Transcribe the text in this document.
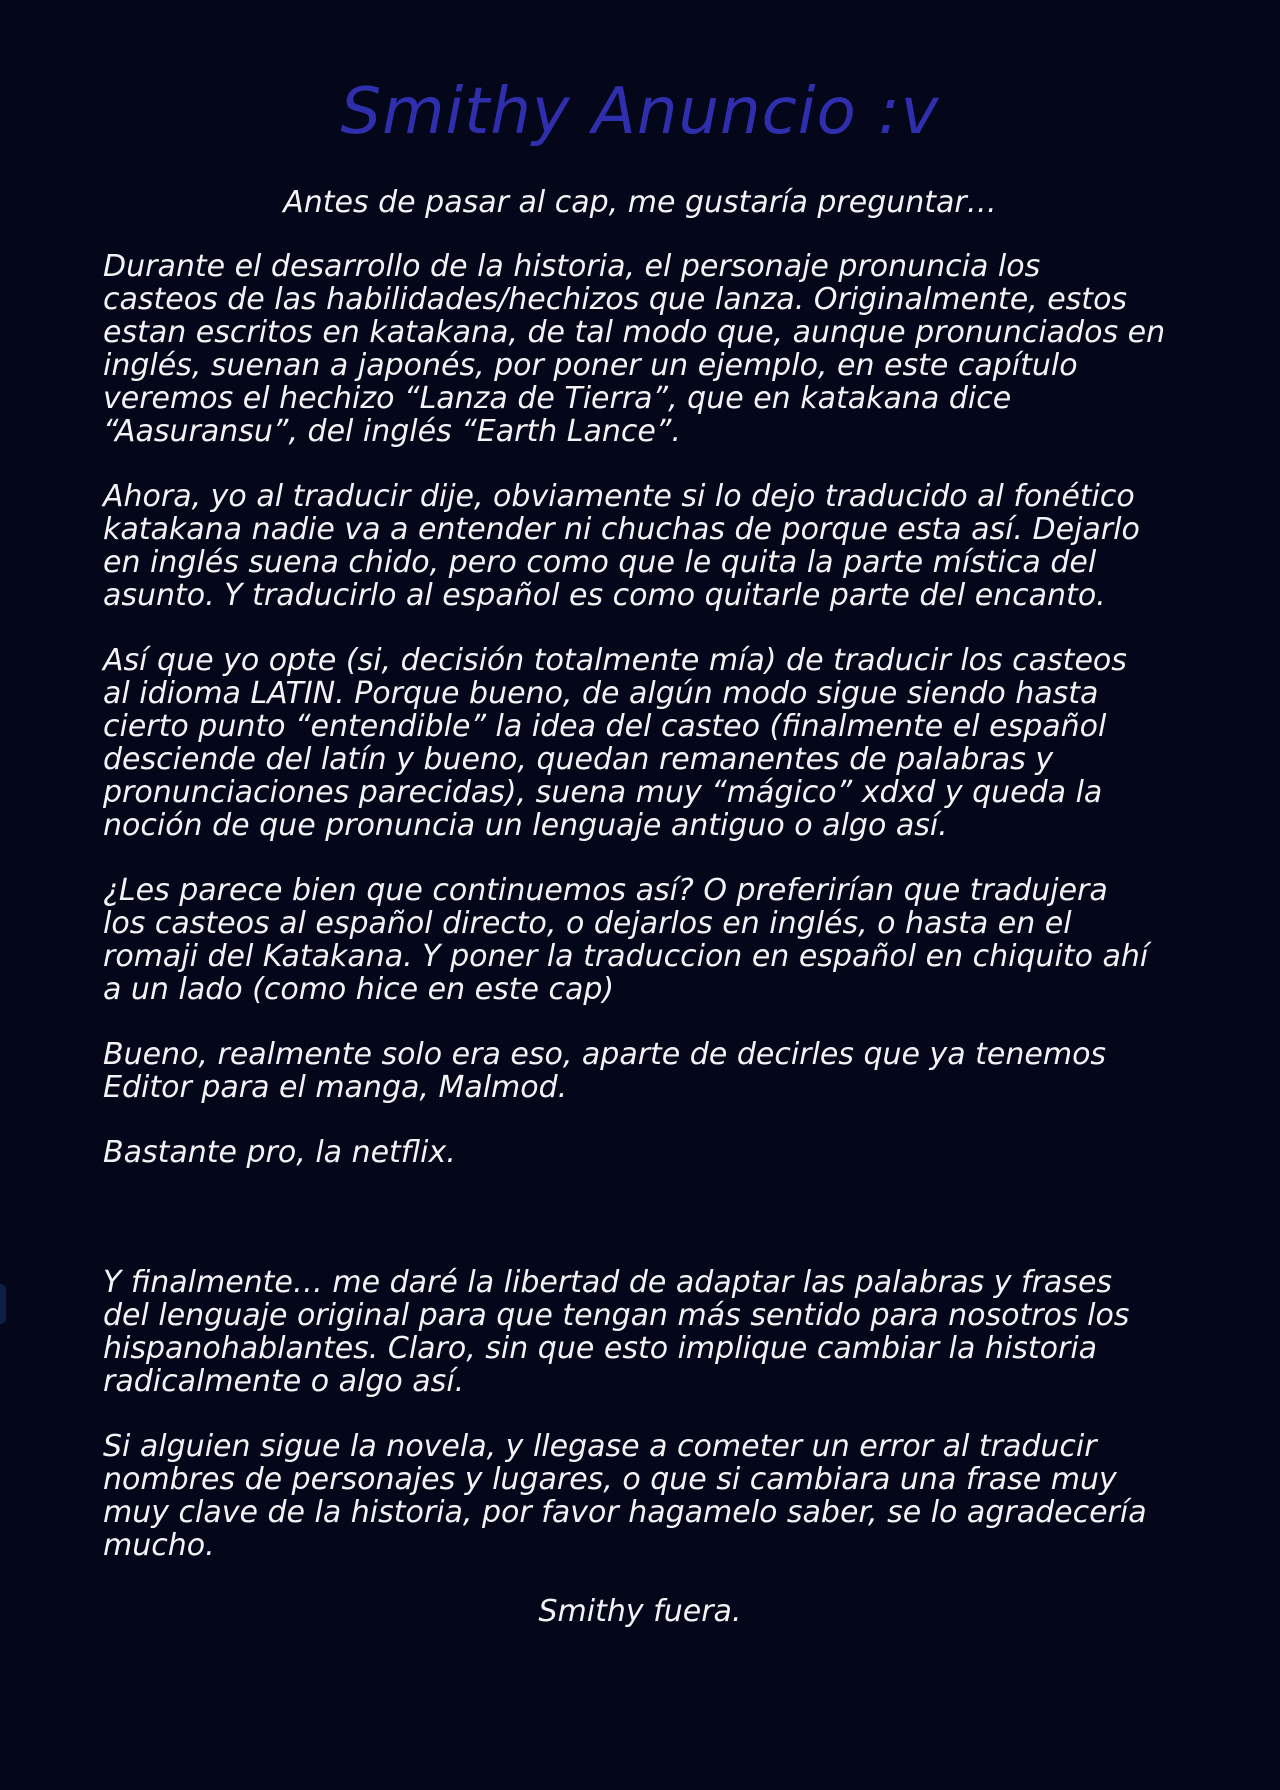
Smithy Anuncio :v

Antes de pasar al cap, me gustaría preguntar…

Durante el desarrollo de la historia, el personaje pronuncia los
casteos de las habilidades/hechizos que lanza. Originalmente, estos
estan escritos en katakana, de tal modo que, aunque pronunciados en
inglés, suenan a japonés, por poner un ejemplo, en este capítulo
veremos el hechizo “Lanza de Tierra”, que en katakana dice
“Aasuransu”, del inglés “Earth Lance”.

Ahora, yo al traducir dije, obviamente si lo dejo traducido al fonético
katakana nadie va a entender ni chuchas de porque esta así. Dejarlo
en inglés suena chido, pero como que le quita la parte mística del
asunto. Y traducirlo al español es como quitarle parte del encanto.

Así que yo opte (si, decisión totalmente mía) de traducir los casteos
al idioma LATIN. Porque bueno, de algún modo sigue siendo hasta
cierto punto “entendible” la idea del casteo (finalmente el español
desciende del latín y bueno, quedan remanentes de palabras y
pronunciaciones parecidas), suena muy “mágico” xdxd y queda la
noción de que pronuncia un lenguaje antiguo o algo así.

¿Les parece bien que continuemos así? O preferirían que tradujera
los casteos al español directo, o dejarlos en inglés, o hasta en el
romaji del Katakana. Y poner la traduccion en español en chiquito ahí
a un lado (como hice en este cap)

Bueno, realmente solo era eso, aparte de decirles que ya tenemos
Editor para el manga, Malmod.

Bastante pro, la netflix.

Y finalmente… me daré la libertad de adaptar las palabras y frases
del lenguaje original para que tengan más sentido para nosotros los
hispanohablantes. Claro, sin que esto implique cambiar la historia
radicalmente o algo así.

Si alguien sigue la novela, y llegase a cometer un error al traducir
nombres de personajes y lugares, o que si cambiara una frase muy
muy clave de la historia, por favor hagamelo saber, se lo agradecería
mucho.

Smithy fuera.
